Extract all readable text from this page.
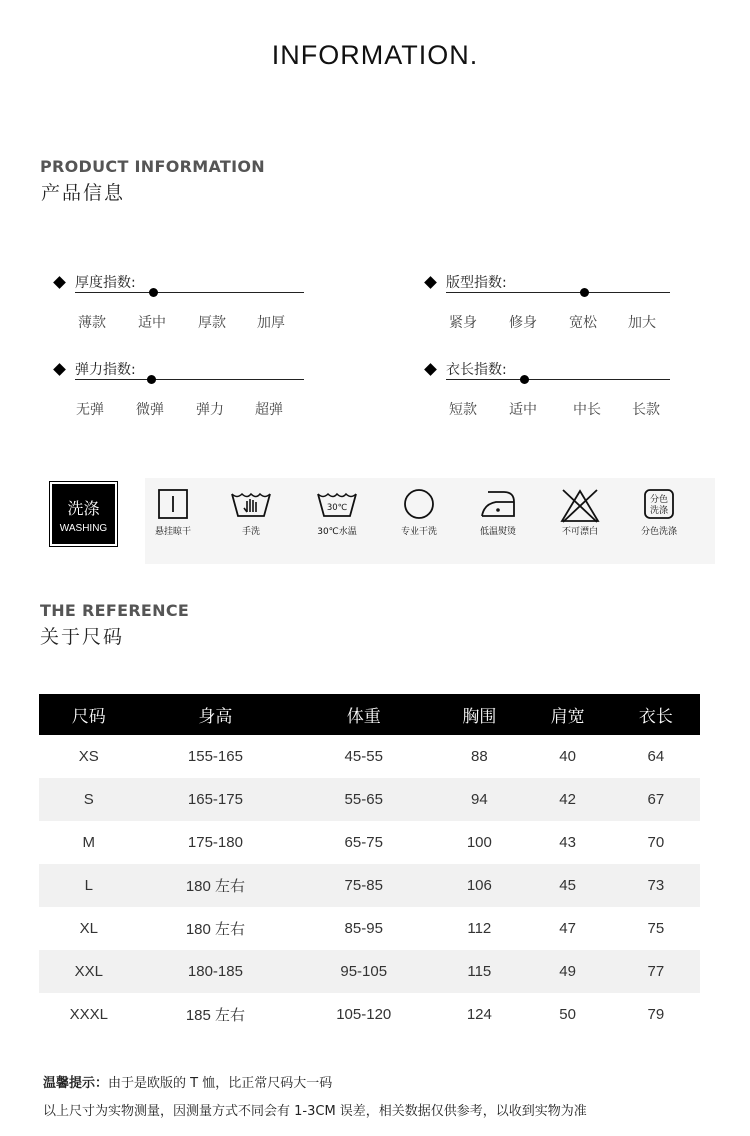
INFORMATION.
PRODUCT INFORMATION
产品信息
厚度指数:
薄款 适中 厚款 加厚
版型指数:
紧身 修身 宽松 加大
弹力指数:
无弹 微弹 弹力 超弹
衣长指数:
短款 适中	中长 长款
洗涤
WASHING	悬挂晾干	手洗
30℃
30℃水温	专业干洗	低温熨烫	不可漂白
分色
洗涤
分色洗涤
THE REFERENCE
关于尺码
尺码	身高	体重	胸围	肩宽	衣长
XS	155-165	45-55	88	40	64
S	165-175	55-65	94	42	67
M	175-180	65-75	100	43	70
L	180 左右	75-85	106	45	73
XL	180 左右	85-95	112	47	75
XXL	180-185	95-105	115	49	77
XXXL	185 左右	105-120	124	50	79
温馨提示：由于是欧版的 T 恤，比正常尺码大一码
以上尺寸为实物测量，因测量方式不同会有 1-3CM 误差，相关数据仅供参考，以收到实物为准
